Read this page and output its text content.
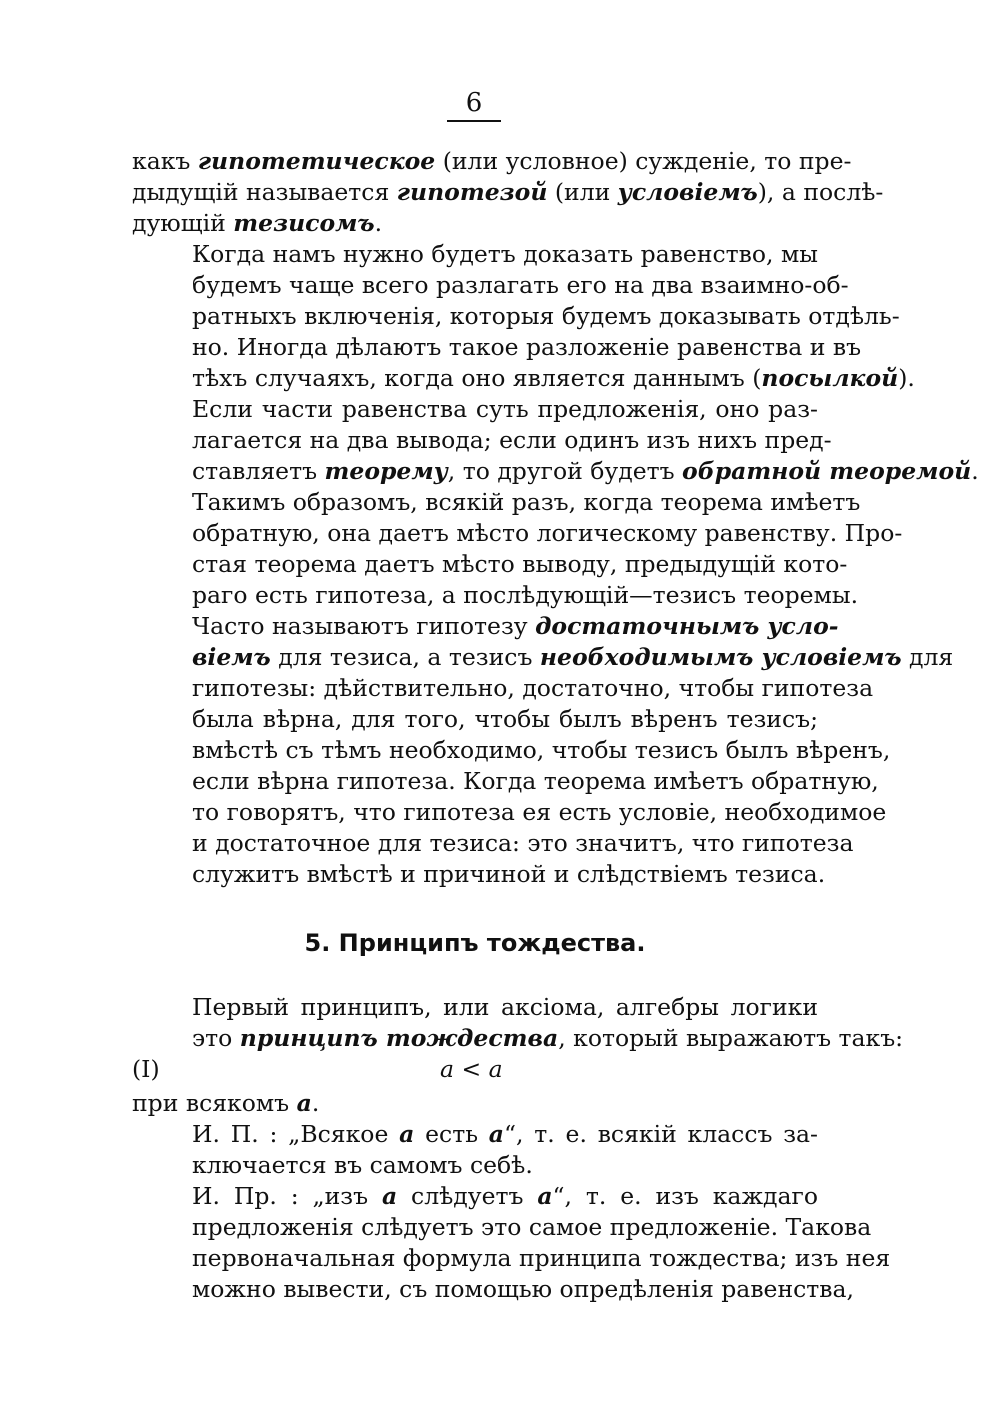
6
какъ гипотетическое (или условное) сужденіе, то пре-
дыдущій называется гипотезой (или условіемъ), а послѣ-
дующій тезисомъ.
Когда намъ нужно будетъ доказать равенство, мы
будемъ чаще всего разлагать его на два взаимно-об-
ратныхъ включенія, которыя будемъ доказывать отдѣль-
но. Иногда дѣлаютъ такое разложеніе равенства и въ
тѣхъ случаяхъ, когда оно является даннымъ (посылкой).
Если части равенства суть предложенія, оно раз-
лагается на два вывода; если одинъ изъ нихъ пред-
ставляетъ теорему, то другой будетъ обратной теоремой.
Такимъ образомъ, всякій разъ, когда теорема имѣетъ
обратную, она даетъ мѣсто логическому равенству. Про-
стая теорема даетъ мѣсто выводу, предыдущій кото-
раго есть гипотеза, а послѣдующій—тезисъ теоремы.
Часто называютъ гипотезу достаточнымъ усло-
віемъ для тезиса, а тезисъ необходимымъ условіемъ для
гипотезы: дѣйствительно, достаточно, чтобы гипотеза
была вѣрна, для того, чтобы былъ вѣренъ тезисъ;
вмѣстѣ съ тѣмъ необходимо, чтобы тезисъ былъ вѣренъ,
если вѣрна гипотеза. Когда теорема имѣетъ обратную,
то говорятъ, что гипотеза ея есть условіе, необходимое
и достаточное для тезиса: это значитъ, что гипотеза
служитъ вмѣстѣ и причиной и слѣдствіемъ тезиса.
5. Принципъ тождества.
Первый принципъ, или аксіома, алгебры логики
это принципъ тождества, который выражаютъ такъ:
(I)	a < a
при всякомъ a.
И. П. : „Всякое a есть a“, т. е. всякій классъ за-
ключается въ самомъ себѣ.
И. Пр. : „изъ a слѣдуетъ a“, т. е. изъ каждаго
предложенія слѣдуетъ это самое предложеніе. Такова
первоначальная формула принципа тождества; изъ нея
можно вывести, съ помощью опредѣленія равенства,
